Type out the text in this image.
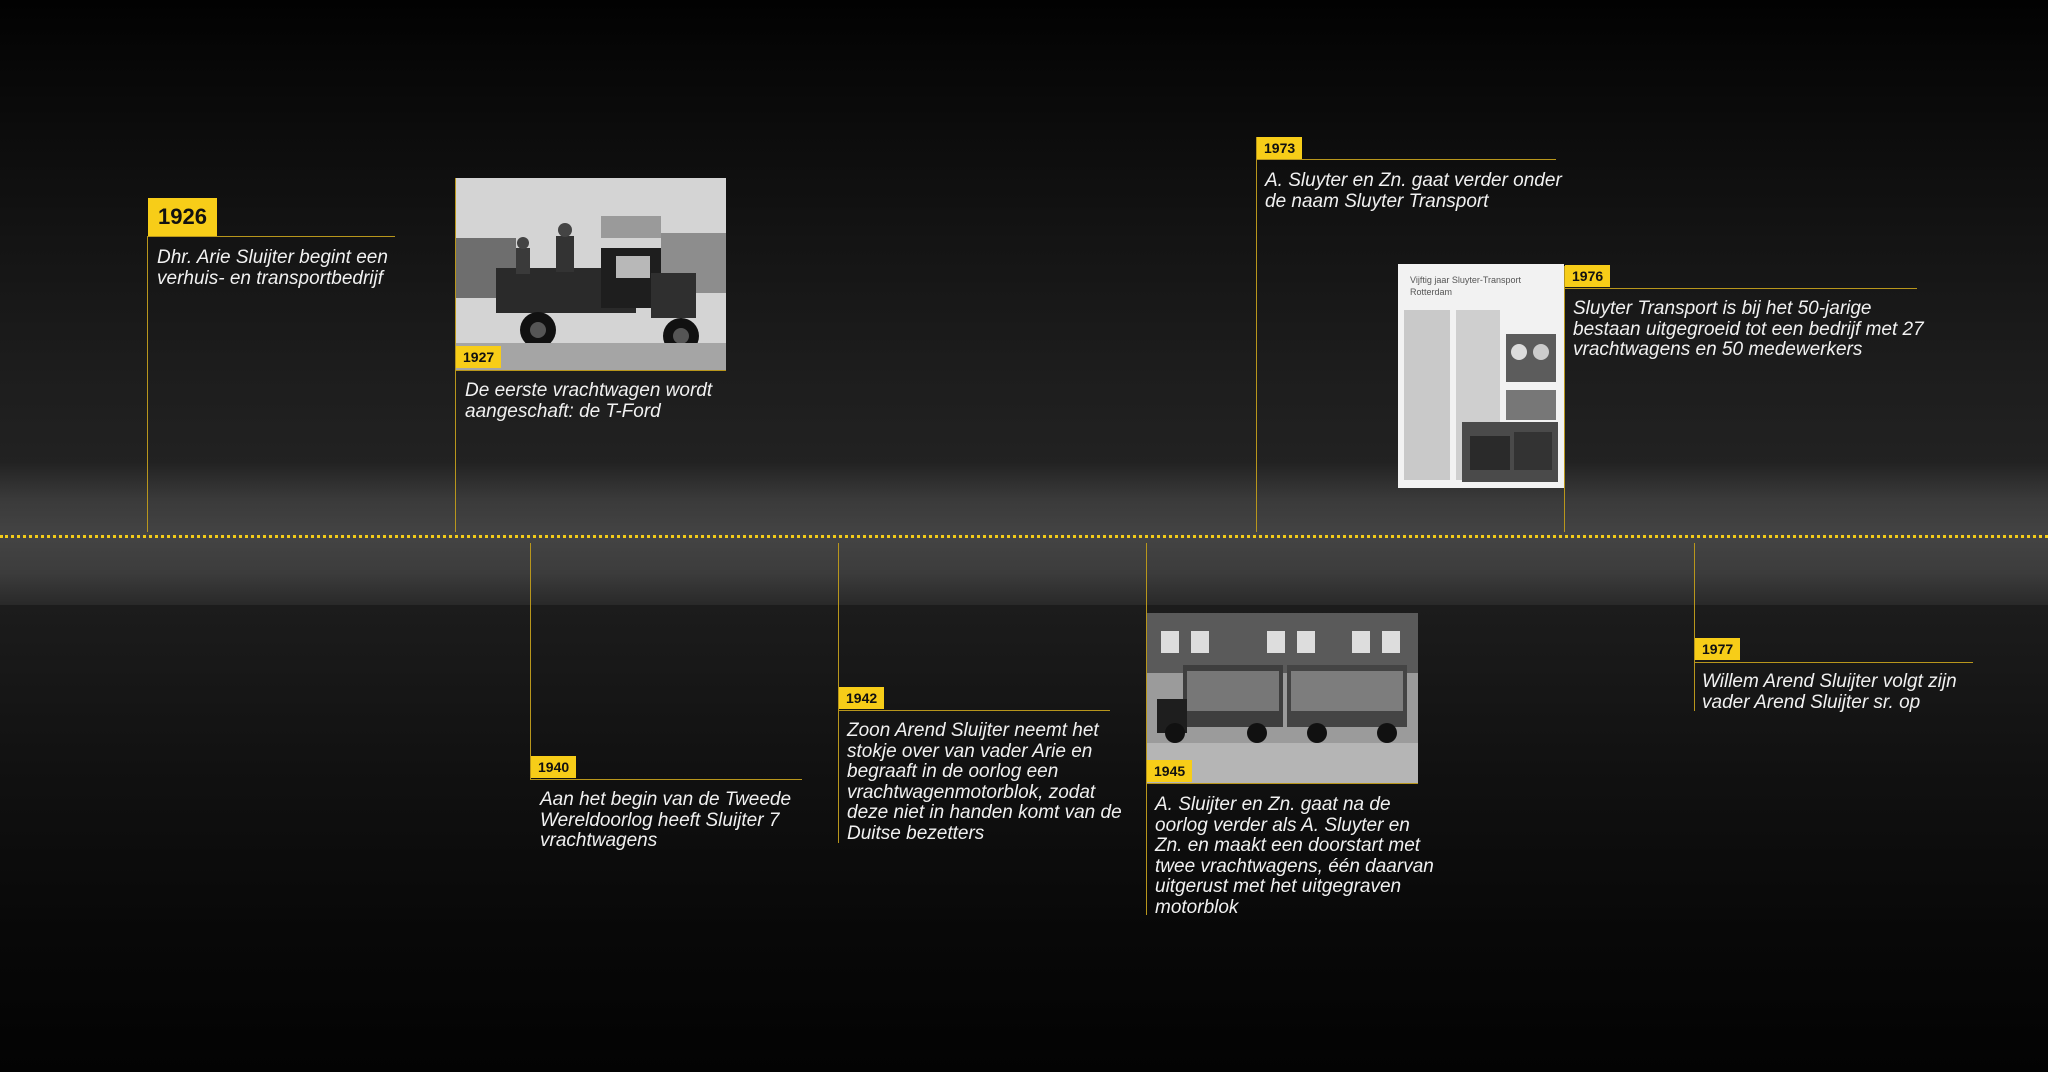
1926
Dhr. Arie Sluijter begint een verhuis- en transportbedrijf
1927
De eerste vrachtwagen wordt aangeschaft: de T-Ford
1973
A. Sluyter en Zn. gaat verder onder de naam Sluyter Transport
Vijftig jaar Sluyter-Transport
Rotterdam
1976
Sluyter Transport is bij het 50-jarige bestaan uitgegroeid tot een bedrijf met 27 vrachtwagens en 50 medewerkers
1940
Aan het begin van de Tweede Wereldoorlog heeft Sluijter 7 vrachtwagens
1942
Zoon Arend Sluijter neemt het stokje over van vader Arie en begraaft in de oorlog een vrachtwagenmotorblok, zodat deze niet in handen komt van de Duitse bezetters
1945
A. Sluijter en Zn. gaat na de oorlog verder als A. Sluyter en Zn. en maakt een doorstart met twee vrachtwagens, één daarvan uitgerust met het uitgegraven motorblok
1977
Willem Arend Sluijter volgt zijn vader Arend Sluijter sr. op
